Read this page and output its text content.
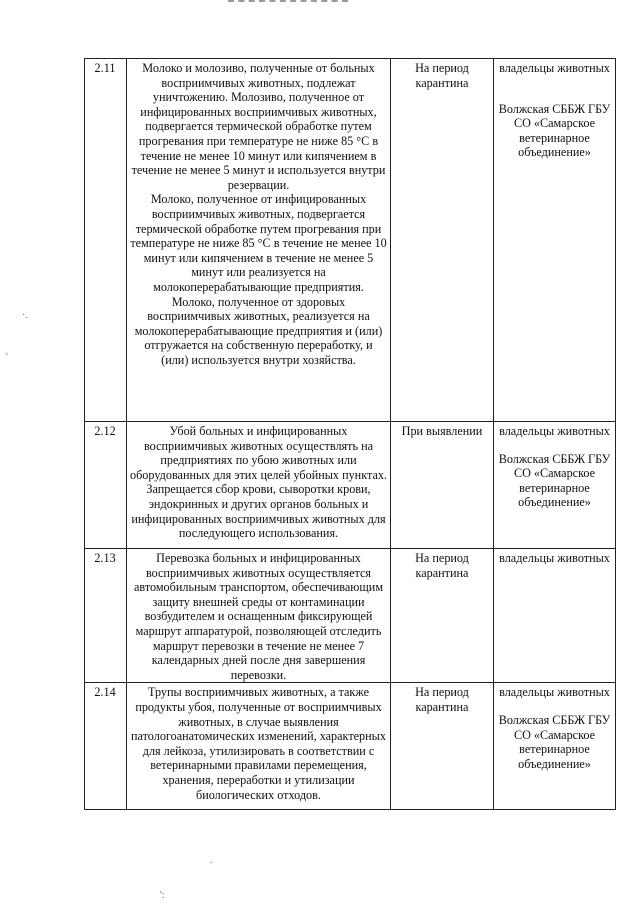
2.11	Молоко и молозиво, полученные от больных восприимчивых животных, подлежат уничтожению. Молозиво, полученное от инфицированных восприимчивых животных, подвергается термической обработке путем прогревания при температуре не ниже 85 °С в течение не менее 10 минут или кипячением в течение не менее 5 минут и используется внутри резервации.
Молоко, полученное от инфицированных восприимчивых животных, подвергается термической обработке путем прогревания при температуре не ниже 85 °С в течение не менее 10 минут или кипячением в течение не менее 5 минут или реализуется на молокоперерабатывающие предприятия.
Молоко, полученное от здоровых восприимчивых животных, реализуется на молокоперерабатывающие предприятия и (или) отгружается на собственную переработку, и (или) используется внутри хозяйства.	На период карантина	владельцы животных
Волжская СББЖ ГБУ СО «Самарское ветеринарное объединение»

2.12	Убой больных и инфицированных восприимчивых животных осуществлять на предприятиях по убою животных или оборудованных для этих целей убойных пунктах. Запрещается сбор крови, сыворотки крови, эндокринных и других органов больных и инфицированных восприимчивых животных для последующего использования.	При выявлении	владельцы животных
Волжская СББЖ ГБУ СО «Самарское ветеринарное объединение»

2.13	Перевозка больных и инфицированных восприимчивых животных осуществляется автомобильным транспортом, обеспечивающим защиту внешней среды от контаминации возбудителем и оснащенным фиксирующей маршрут аппаратурой, позволяющей отследить маршрут перевозки в течение не менее 7 календарных дней после дня завершения перевозки.	На период карантина	владельцы животных

2.14	Трупы восприимчивых животных, а также продукты убоя, полученные от восприимчивых животных, в случае выявления патологоанатомических изменений, характерных для лейкоза, утилизировать в соответствии с ветеринарными правилами перемещения, хранения, переработки и утилизации биологических отходов.	На период карантина	владельцы животных
Волжская СББЖ ГБУ СО «Самарское ветеринарное объединение»
·.
'
.
':
